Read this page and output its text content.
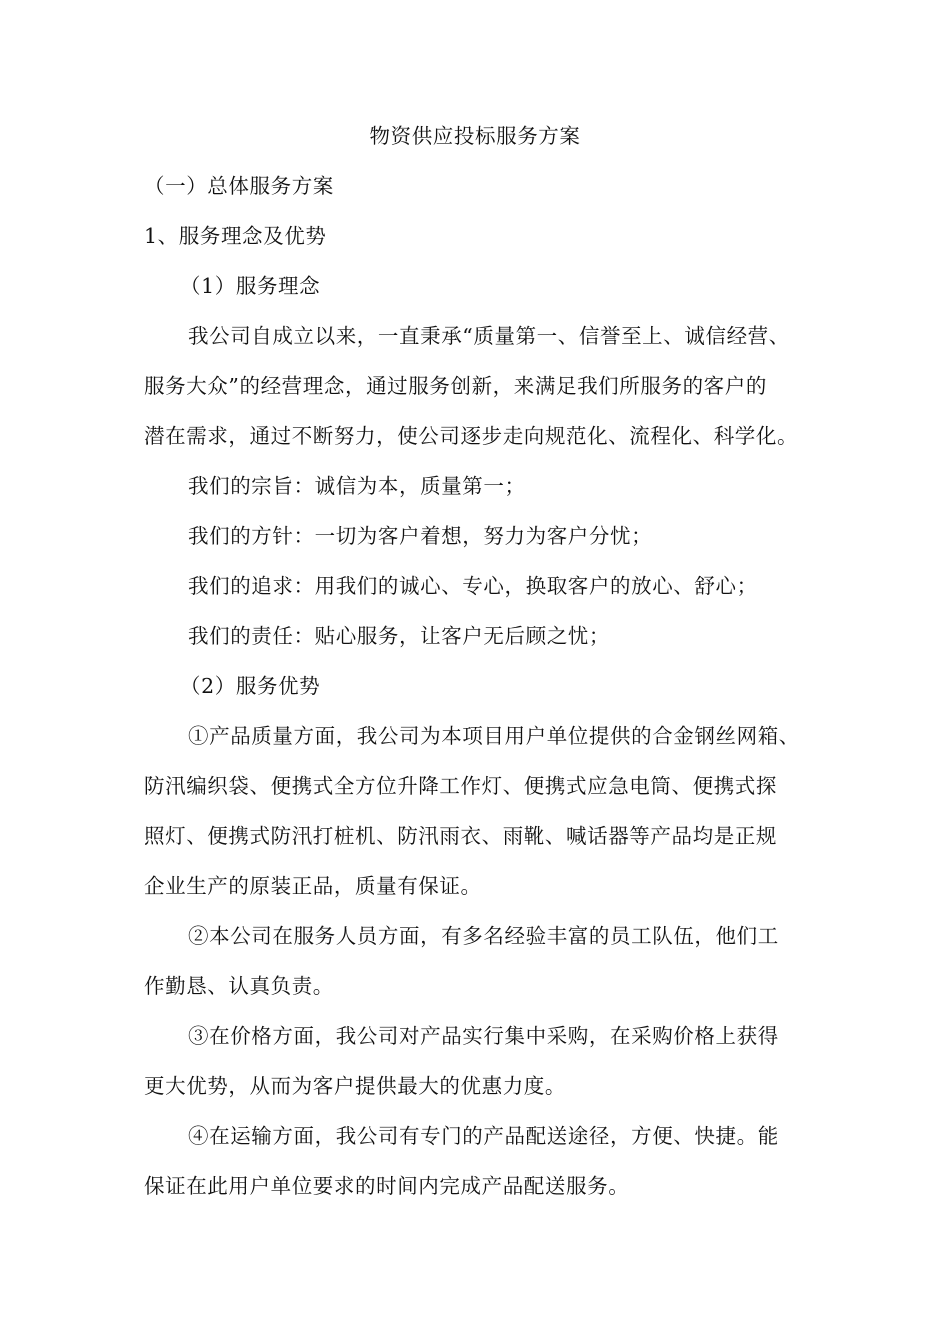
物资供应投标服务方案
（一）总体服务方案
1、服务理念及优势
（1）服务理念
我公司自成立以来，一直秉承“质量第一、信誉至上、诚信经营、
服务大众”的经营理念，通过服务创新，来满足我们所服务的客户的
潜在需求，通过不断努力，使公司逐步走向规范化、流程化、科学化。
我们的宗旨：诚信为本，质量第一；
我们的方针：一切为客户着想，努力为客户分忧；
我们的追求：用我们的诚心、专心，换取客户的放心、舒心；
我们的责任：贴心服务，让客户无后顾之忧；
（2）服务优势
①产品质量方面，我公司为本项目用户单位提供的合金钢丝网箱、
防汛编织袋、便携式全方位升降工作灯、便携式应急电筒、便携式探
照灯、便携式防汛打桩机、防汛雨衣、雨靴、喊话器等产品均是正规
企业生产的原装正品，质量有保证。
②本公司在服务人员方面，有多名经验丰富的员工队伍，他们工
作勤恳、认真负责。
③在价格方面，我公司对产品实行集中采购，在采购价格上获得
更大优势，从而为客户提供最大的优惠力度。
④在运输方面，我公司有专门的产品配送途径，方便、快捷。能
保证在此用户单位要求的时间内完成产品配送服务。
